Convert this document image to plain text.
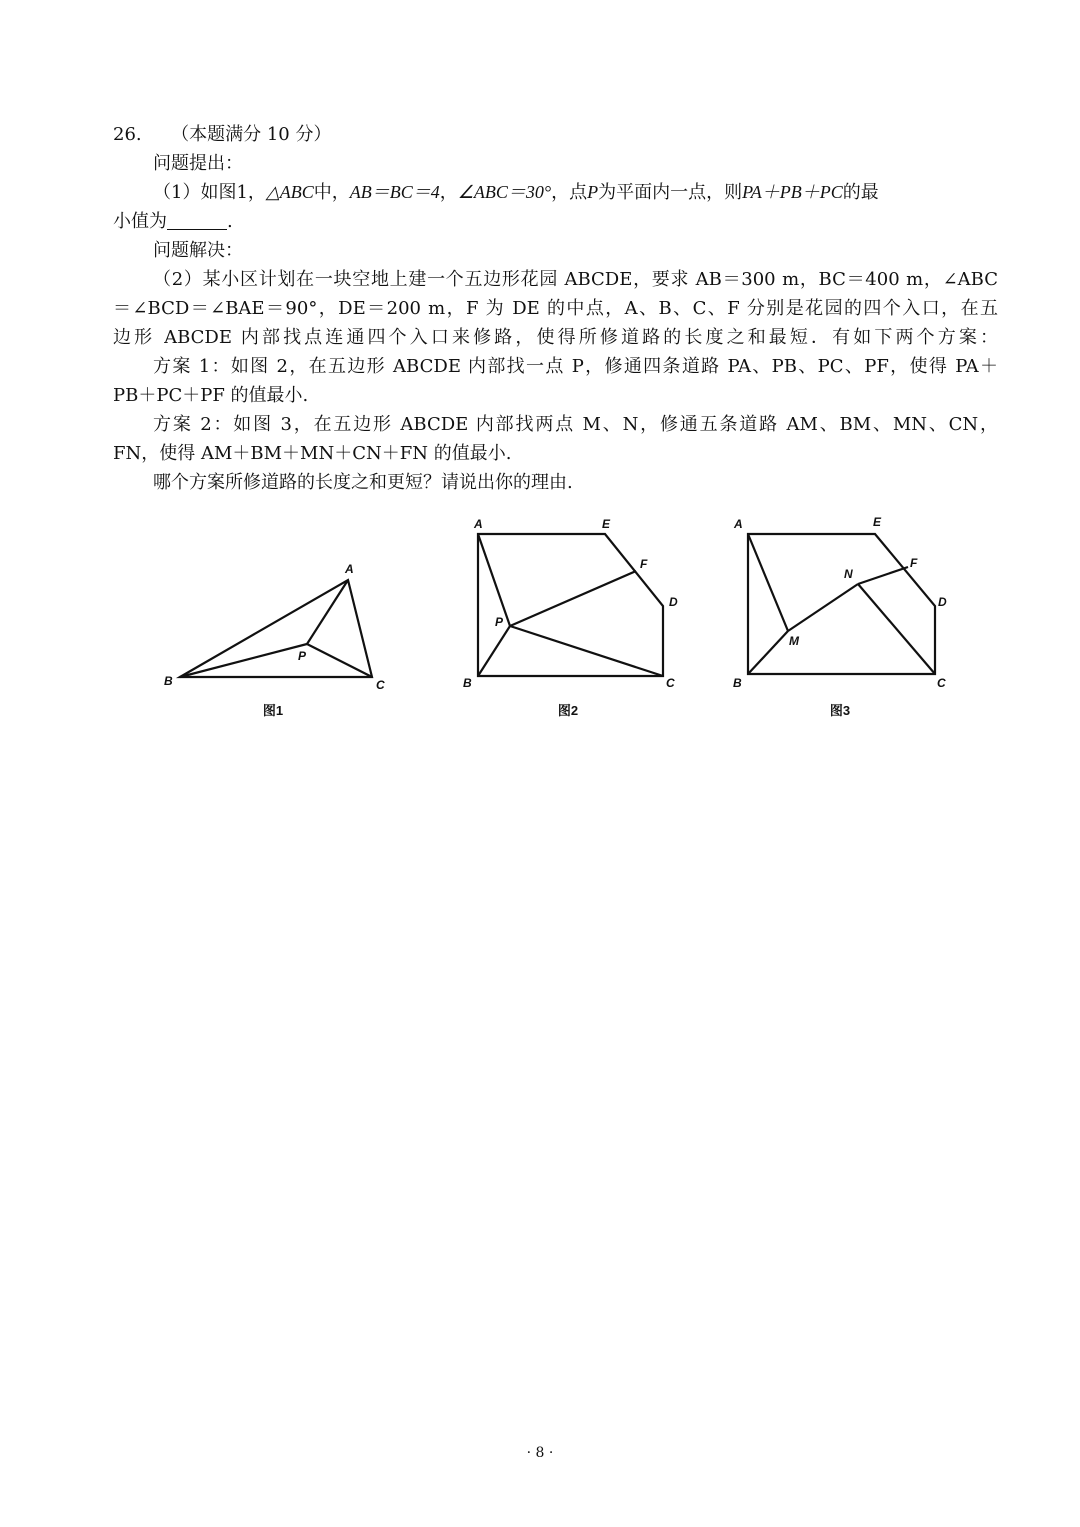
26. （本题满分 10 分）
问题提出：
（1）如图1，△ABC中，AB＝BC＝4，∠ABC＝30°，点P为平面内一点，则PA＋PB＋PC的最
小值为	.
问题解决：
（2）某小区计划在一块空地上建一个五边形花园 ABCDE，要求 AB＝300 m，BC＝400 m，∠ABC
＝∠BCD＝∠BAE＝90°，DE＝200 m，F 为 DE 的中点，A、B、C、F 分别是花园的四个入口，在五
边形 ABCDE 内部找点连通四个入口来修路，使得所修道路的长度之和最短．有如下两个方案：
方案 1：如图 2，在五边形 ABCDE 内部找一点 P，修通四条道路 PA、PB、PC、PF，使得 PA＋
PB＋PC＋PF 的值最小.
方案 2：如图 3，在五边形 ABCDE 内部找两点 M、N，修通五条道路 AM、BM、MN、CN，
FN，使得 AM＋BM＋MN＋CN＋FN 的值最小.
哪个方案所修道路的长度之和更短？请说出你的理由.
A
B	C
P
图1
A	E
F
D
P
B	C
图2
A	E
F
N
D
M
B	C
图3
· 8 ·
